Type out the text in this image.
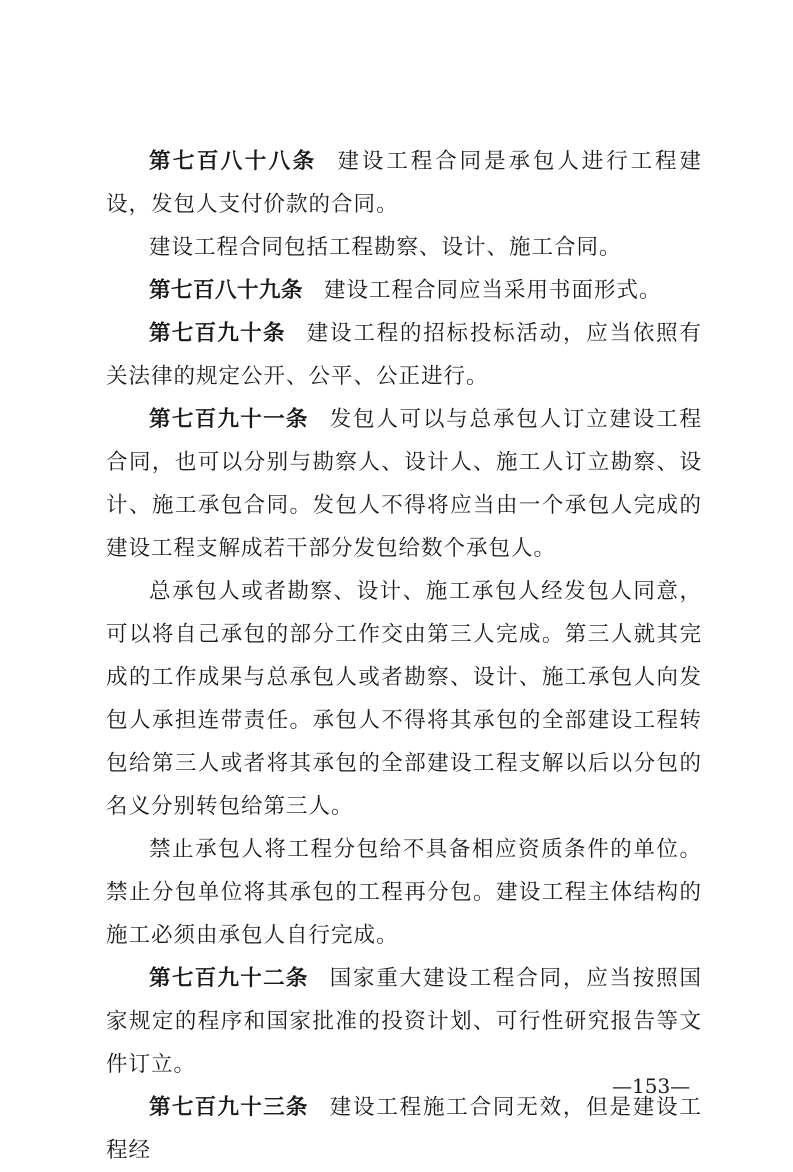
第七百八十八条 建设工程合同是承包人进行工程建设，发包人支付价款的合同。

建设工程合同包括工程勘察、设计、施工合同。

第七百八十九条 建设工程合同应当采用书面形式。

第七百九十条 建设工程的招标投标活动，应当依照有关法律的规定公开、公平、公正进行。

第七百九十一条 发包人可以与总承包人订立建设工程合同，也可以分别与勘察人、设计人、施工人订立勘察、设计、施工承包合同。发包人不得将应当由一个承包人完成的建设工程支解成若干部分发包给数个承包人。

总承包人或者勘察、设计、施工承包人经发包人同意，可以将自己承包的部分工作交由第三人完成。第三人就其完成的工作成果与总承包人或者勘察、设计、施工承包人向发包人承担连带责任。承包人不得将其承包的全部建设工程转包给第三人或者将其承包的全部建设工程支解以后以分包的名义分别转包给第三人。

禁止承包人将工程分包给不具备相应资质条件的单位。禁止分包单位将其承包的工程再分包。建设工程主体结构的施工必须由承包人自行完成。

第七百九十二条 国家重大建设工程合同，应当按照国家规定的程序和国家批准的投资计划、可行性研究报告等文件订立。

第七百九十三条 建设工程施工合同无效，但是建设工程经

—153—
